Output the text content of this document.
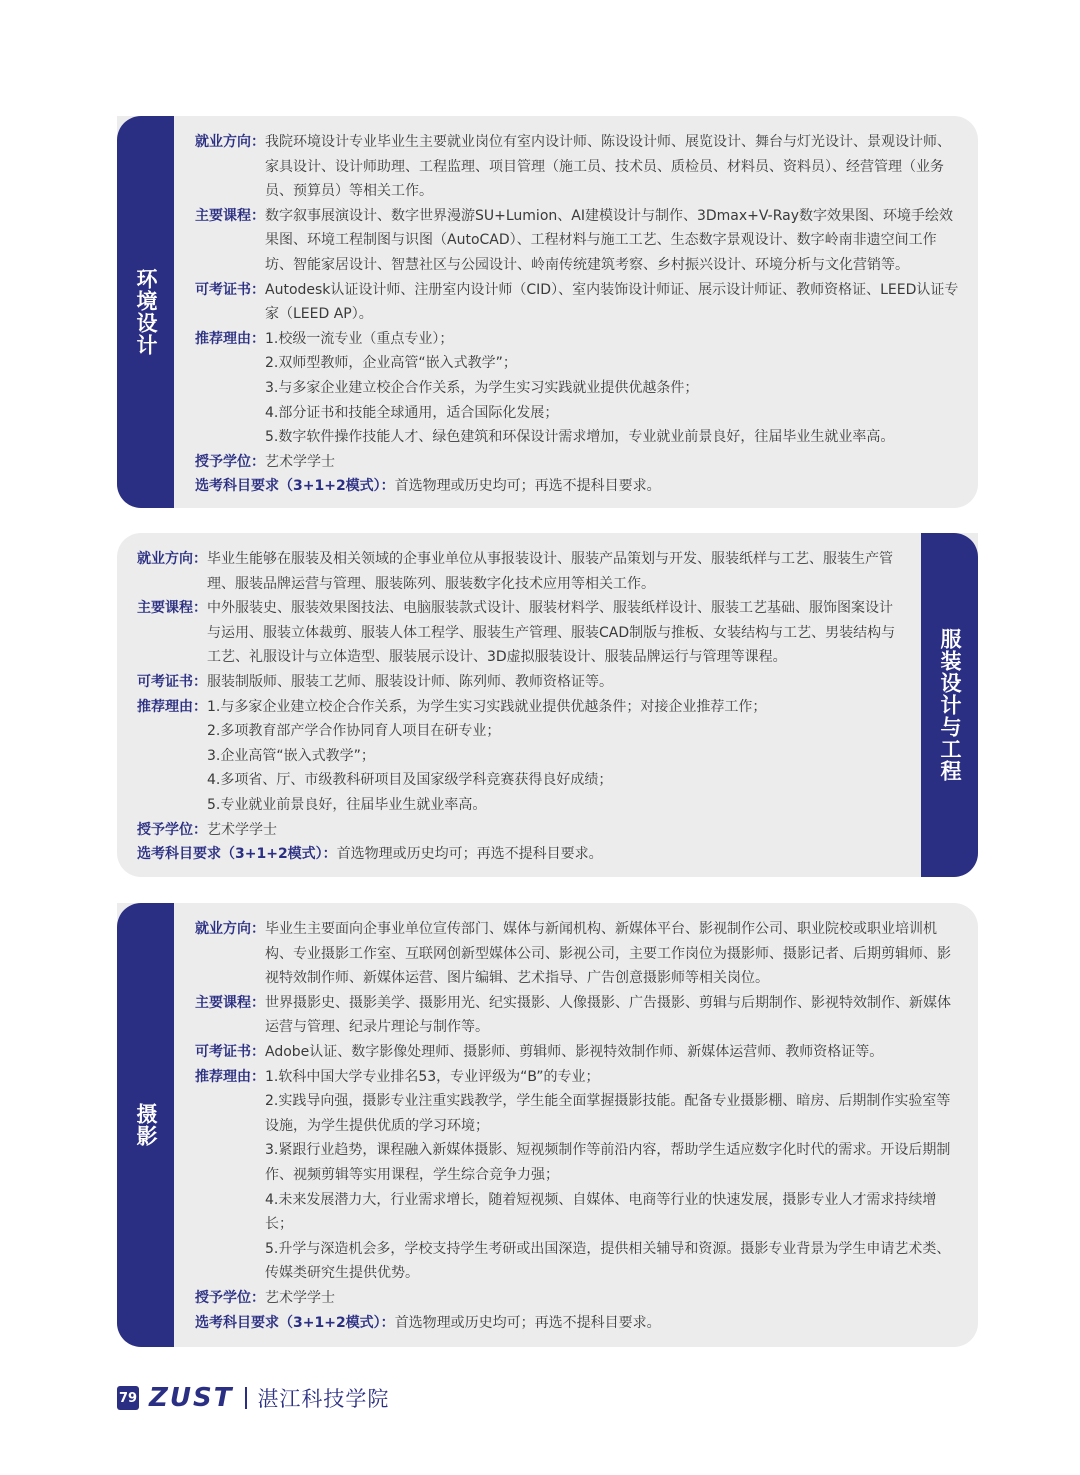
环境设计
就业方向： 我院环境设计专业毕业生主要就业岗位有室内设计师、陈设设计师、展览设计、舞台与灯光设计、景观设计师、家具设计、设计师助理、工程监理、项目管理（施工员、技术员、质检员、材料员、资料员）、经营管理（业务员、预算员）等相关工作。
主要课程： 数字叙事展演设计、数字世界漫游SU+Lumion、AI建模设计与制作、3Dmax+V-Ray数字效果图、环境手绘效果图、环境工程制图与识图（AutoCAD）、工程材料与施工工艺、生态数字景观设计、数字岭南非遗空间工作坊、智能家居设计、智慧社区与公园设计、岭南传统建筑考察、乡村振兴设计、环境分析与文化营销等。
可考证书： Autodesk认证设计师、注册室内设计师（CID）、室内装饰设计师证、展示设计师证、教师资格证、LEED认证专家（LEED AP）。
推荐理由： 1.校级一流专业（重点专业）；
2.双师型教师，企业高管“嵌入式教学”；
3.与多家企业建立校企合作关系，为学生实习实践就业提供优越条件；
4.部分证书和技能全球通用，适合国际化发展；
5.数字软件操作技能人才、绿色建筑和环保设计需求增加，专业就业前景良好，往届毕业生就业率高。
授予学位： 艺术学学士
选考科目要求（3+1+2模式）： 首选物理或历史均可；再选不提科目要求。
服装设计与工程
就业方向： 毕业生能够在服装及相关领域的企事业单位从事报装设计、服装产品策划与开发、服装纸样与工艺、服装生产管理、服装品牌运营与管理、服装陈列、服装数字化技术应用等相关工作。
主要课程： 中外服装史、服装效果图技法、电脑服装款式设计、服装材料学、服装纸样设计、服装工艺基础、服饰图案设计与运用、服装立体裁剪、服装人体工程学、服装生产管理、服装CAD制版与推板、女装结构与工艺、男装结构与工艺、礼服设计与立体造型、服装展示设计、3D虚拟服装设计、服装品牌运行与管理等课程。
可考证书： 服装制版师、服装工艺师、服装设计师、陈列师、教师资格证等。
推荐理由： 1.与多家企业建立校企合作关系，为学生实习实践就业提供优越条件；对接企业推荐工作；
2.多项教育部产学合作协同育人项目在研专业；
3.企业高管“嵌入式教学”；
4.多项省、厅、市级教科研项目及国家级学科竞赛获得良好成绩；
5.专业就业前景良好，往届毕业生就业率高。
授予学位： 艺术学学士
选考科目要求（3+1+2模式）： 首选物理或历史均可；再选不提科目要求。
摄影
就业方向： 毕业生主要面向企事业单位宣传部门、媒体与新闻机构、新媒体平台、影视制作公司、职业院校或职业培训机构、专业摄影工作室、互联网创新型媒体公司、影视公司，主要工作岗位为摄影师、摄影记者、后期剪辑师、影视特效制作师、新媒体运营、图片编辑、艺术指导、广告创意摄影师等相关岗位。
主要课程： 世界摄影史、摄影美学、摄影用光、纪实摄影、人像摄影、广告摄影、剪辑与后期制作、影视特效制作、新媒体运营与管理、纪录片理论与制作等。
可考证书： Adobe认证、数字影像处理师、摄影师、剪辑师、影视特效制作师、新媒体运营师、教师资格证等。
推荐理由： 1.软科中国大学专业排名53，专业评级为“B”的专业；
2.实践导向强，摄影专业注重实践教学，学生能全面掌握摄影技能。配备专业摄影棚、暗房、后期制作实验室等设施，为学生提供优质的学习环境；
3.紧跟行业趋势，课程融入新媒体摄影、短视频制作等前沿内容，帮助学生适应数字化时代的需求。开设后期制作、视频剪辑等实用课程，学生综合竞争力强；
4.未来发展潜力大，行业需求增长，随着短视频、自媒体、电商等行业的快速发展，摄影专业人才需求持续增长；
5.升学与深造机会多，学校支持学生考研或出国深造，提供相关辅导和资源。摄影专业背景为学生申请艺术类、传媒类研究生提供优势。
授予学位： 艺术学学士
选考科目要求（3+1+2模式）： 首选物理或历史均可；再选不提科目要求。
79 ZUST 湛江科技学院
